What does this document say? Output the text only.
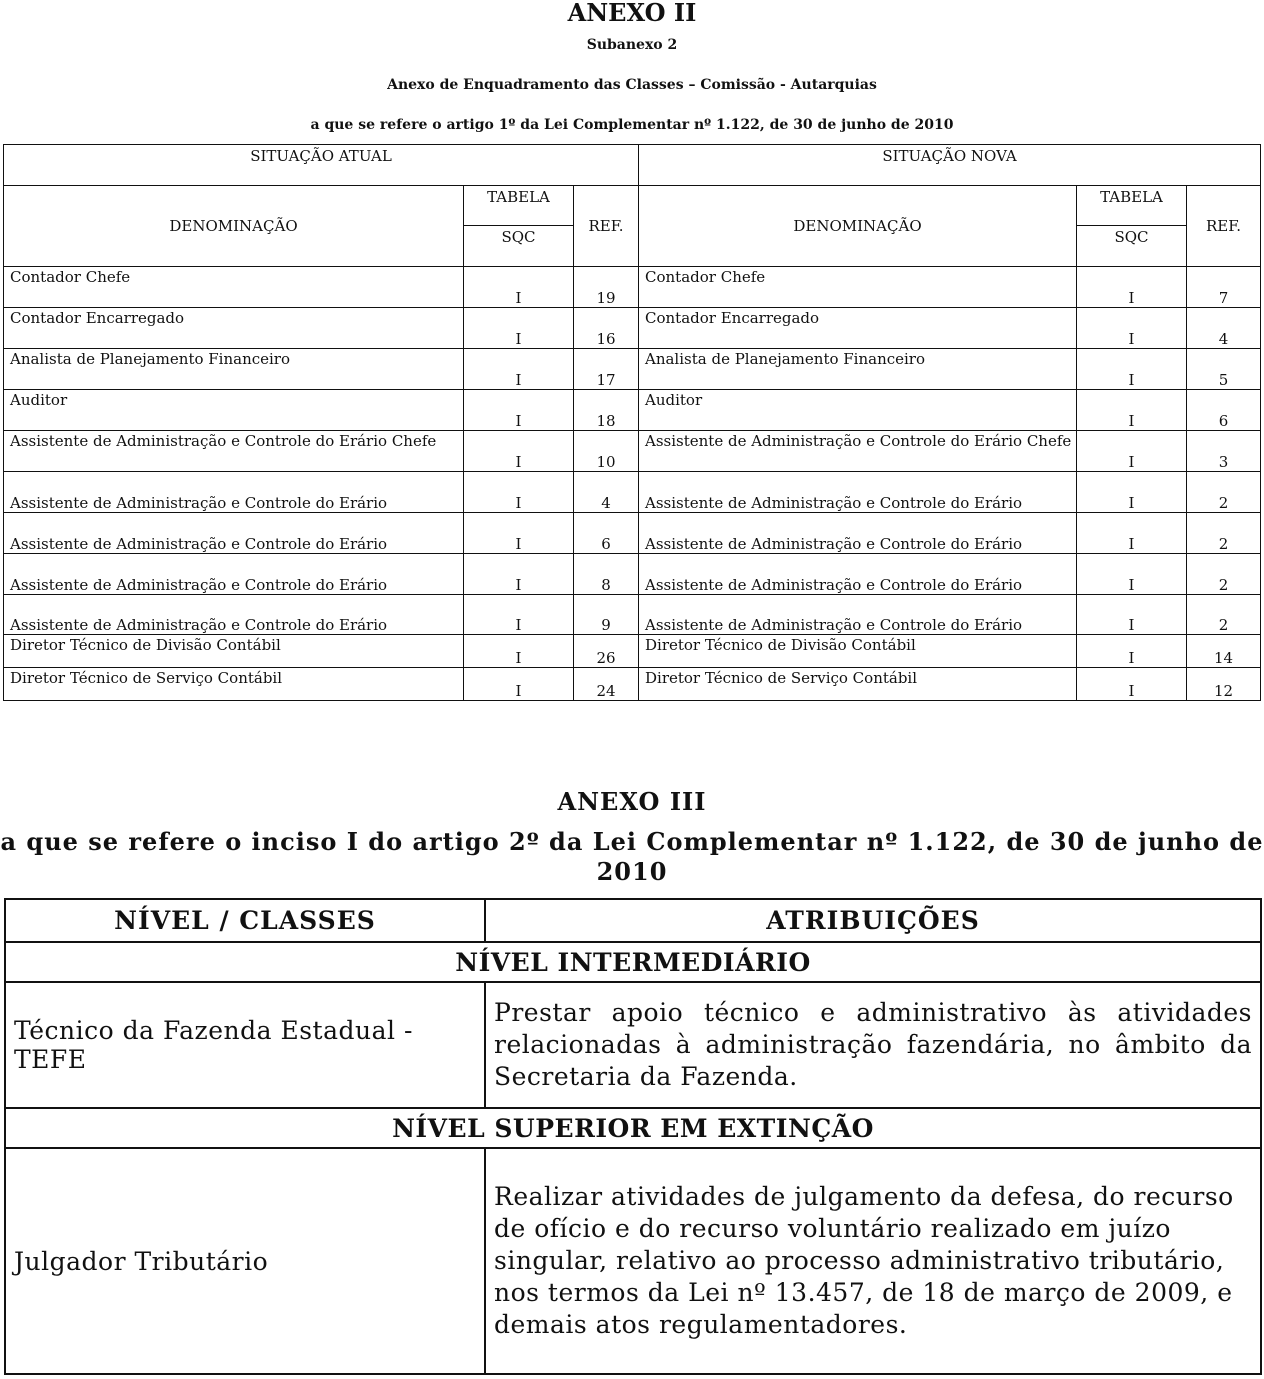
ANEXO II
Subanexo 2
Anexo de Enquadramento das Classes – Comissão - Autarquias
a que se refere o artigo 1º da Lei Complementar nº 1.122, de 30 de junho de 2010
SITUAÇÃO ATUAL			SITUAÇÃO NOVA		
DENOMINAÇÃO	TABELA	REF.	DENOMINAÇÃO	TABELA	REF.
	SQC			SQC	
Contador Chefe	I	19	Contador Chefe	I	7
Contador Encarregado	I	16	Contador Encarregado	I	4
Analista de Planejamento Financeiro	I	17	Analista de Planejamento Financeiro	I	5
Auditor	I	18	Auditor	I	6
Assistente de Administração e Controle do Erário Chefe	I	10	Assistente de Administração e Controle do Erário Chefe	I	3
Assistente de Administração e Controle do Erário	I	4	Assistente de Administração e Controle do Erário	I	2
Assistente de Administração e Controle do Erário	I	6	Assistente de Administração e Controle do Erário	I	2
Assistente de Administração e Controle do Erário	I	8	Assistente de Administração e Controle do Erário	I	2
Assistente de Administração e Controle do Erário	I	9	Assistente de Administração e Controle do Erário	I	2
Diretor Técnico de Divisão Contábil	I	26	Diretor Técnico de Divisão Contábil	I	14
Diretor Técnico de Serviço Contábil	I	24	Diretor Técnico de Serviço Contábil	I	12
ANEXO III
a que se refere o inciso I do artigo 2º da Lei Complementar nº 1.122, de 30 de junho de 2010
NÍVEL / CLASSES	ATRIBUIÇÕES
NÍVEL INTERMEDIÁRIO	
Técnico da Fazenda Estadual - TEFE	Prestar apoio técnico e administrativo às atividades relacionadas à administração fazendária, no âmbito da Secretaria da Fazenda.
NÍVEL SUPERIOR EM EXTINÇÃO	
Julgador Tributário	Realizar atividades de julgamento da defesa, do recurso de ofício e do recurso voluntário realizado em juízo singular, relativo ao processo administrativo tributário, nos termos da Lei nº 13.457, de 18 de março de 2009, e demais atos regulamentadores.
